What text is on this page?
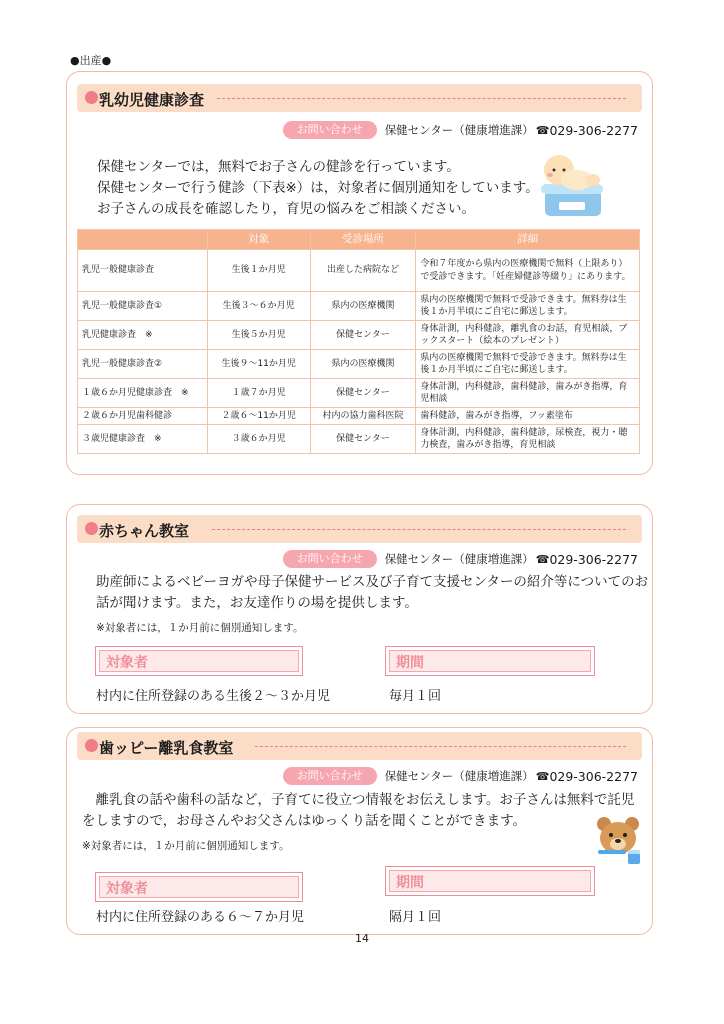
●出産●
乳幼児健康診査
お問い合わせ	保健センター（健康増進課） ☎ 029-306-2277
保健センターでは，無料でお子さんの健診を行っています。
保健センターで行う健診（下表※）は，対象者に個別通知をしています。
お子さんの成長を確認したり，育児の悩みをご相談ください。
	対象	受診場所	詳細
乳児一般健康診査	生後１か月児	出産した病院など	令和７年度から県内の医療機関で無料（上限あり）で受診できます。「妊産婦健診等綴り」にあります。
乳児一般健康診査①	生後３〜６か月児	県内の医療機関	県内の医療機関で無料で受診できます。無料券は生後１か月半頃にご自宅に郵送します。
乳児健康診査　※	生後５か月児	保健センター	身体計測，内科健診，離乳食のお話，育児相談，ブックスタート（絵本のプレゼント）
乳児一般健康診査②	生後９〜11か月児	県内の医療機関	県内の医療機関で無料で受診できます。無料券は生後１か月半頃にご自宅に郵送します。
１歳６か月児健康診査　※	１歳７か月児	保健センター	身体計測，内科健診，歯科健診，歯みがき指導，育児相談
２歳６か月児歯科健診	２歳６〜11か月児	村内の協力歯科医院	歯科健診，歯みがき指導，フッ素塗布
３歳児健康診査　※	３歳６か月児	保健センター	身体計測，内科健診，歯科健診，尿検査，視力・聴力検査，歯みがき指導，育児相談
赤ちゃん教室
お問い合わせ	保健センター（健康増進課） ☎ 029-306-2277
助産師によるベビーヨガや母子保健サービス及び子育て支援センターの紹介等についてのお
話が聞けます。また，お友達作りの場を提供します。
※対象者には，１か月前に個別通知します。
対象者	期間
村内に住所登録のある生後２〜３か月児	毎月１回
歯ッピー離乳食教室
お問い合わせ	保健センター（健康増進課） ☎ 029-306-2277
　離乳食の話や歯科の話など，子育てに役立つ情報をお伝えします。お子さんは無料で託児
をしますので，お母さんやお父さんはゆっくり話を聞くことができます。
※対象者には，１か月前に個別通知します。
対象者	期間
村内に住所登録のある６〜７か月児	隔月１回
14
